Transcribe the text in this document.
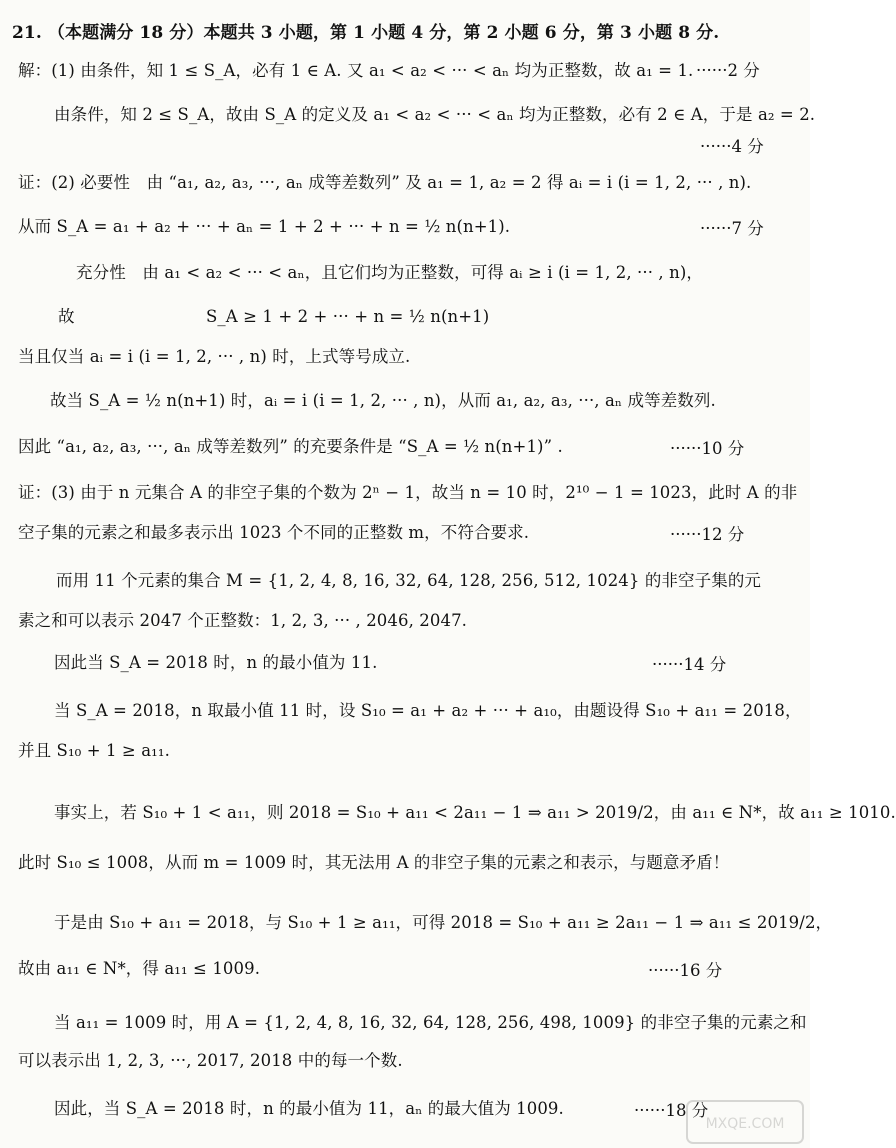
21. （本题满分 18 分）本题共 3 小题，第 1 小题 4 分，第 2 小题 6 分，第 3 小题 8 分.
解：(1) 由条件，知 1 ≤ S_A，必有 1 ∈ A. 又 a₁ < a₂ < ··· < aₙ 均为正整数，故 a₁ = 1. ······2 分
由条件，知 2 ≤ S_A，故由 S_A 的定义及 a₁ < a₂ < ··· < aₙ 均为正整数，必有 2 ∈ A，于是 a₂ = 2.
······4 分
证：(2) 必要性　由 “a₁, a₂, a₃, ···, aₙ 成等差数列” 及 a₁ = 1, a₂ = 2 得 aᵢ = i (i = 1, 2, ··· , n).
从而 S_A = a₁ + a₂ + ··· + aₙ = 1 + 2 + ··· + n = ½ n(n+1).	······7 分
充分性　由 a₁ < a₂ < ··· < aₙ，且它们均为正整数，可得 aᵢ ≥ i (i = 1, 2, ··· , n)，
故	S_A ≥ 1 + 2 + ··· + n = ½ n(n+1)
当且仅当 aᵢ = i (i = 1, 2, ··· , n) 时，上式等号成立.
故当 S_A = ½ n(n+1) 时，aᵢ = i (i = 1, 2, ··· , n)，从而 a₁, a₂, a₃, ···, aₙ 成等差数列.
因此 “a₁, a₂, a₃, ···, aₙ 成等差数列” 的充要条件是 “S_A = ½ n(n+1)” .	······10 分
证：(3) 由于 n 元集合 A 的非空子集的个数为 2ⁿ − 1，故当 n = 10 时，2¹⁰ − 1 = 1023，此时 A 的非
空子集的元素之和最多表示出 1023 个不同的正整数 m，不符合要求.	······12 分
而用 11 个元素的集合 M = {1, 2, 4, 8, 16, 32, 64, 128, 256, 512, 1024} 的非空子集的元
素之和可以表示 2047 个正整数：1, 2, 3, ··· , 2046, 2047.
因此当 S_A = 2018 时，n 的最小值为 11.	······14 分
当 S_A = 2018，n 取最小值 11 时，设 S₁₀ = a₁ + a₂ + ··· + a₁₀，由题设得 S₁₀ + a₁₁ = 2018，
并且 S₁₀ + 1 ≥ a₁₁.
事实上，若 S₁₀ + 1 < a₁₁，则 2018 = S₁₀ + a₁₁ < 2a₁₁ − 1 ⇒ a₁₁ > 2019/2，由 a₁₁ ∈ N*，故 a₁₁ ≥ 1010.
此时 S₁₀ ≤ 1008，从而 m = 1009 时，其无法用 A 的非空子集的元素之和表示，与题意矛盾！
于是由 S₁₀ + a₁₁ = 2018，与 S₁₀ + 1 ≥ a₁₁，可得 2018 = S₁₀ + a₁₁ ≥ 2a₁₁ − 1 ⇒ a₁₁ ≤ 2019/2，
故由 a₁₁ ∈ N*，得 a₁₁ ≤ 1009.	······16 分
当 a₁₁ = 1009 时，用 A = {1, 2, 4, 8, 16, 32, 64, 128, 256, 498, 1009} 的非空子集的元素之和
可以表示出 1, 2, 3, ···, 2017, 2018 中的每一个数.
因此，当 S_A = 2018 时，n 的最小值为 11，aₙ 的最大值为 1009.	······18 分
MXQE.COM
